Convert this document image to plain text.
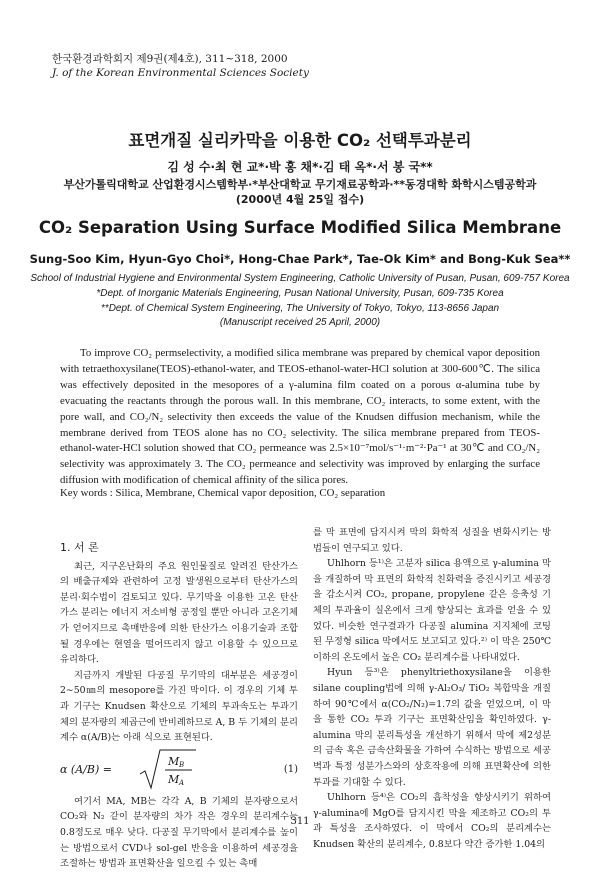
한국환경과학회지 제9권(제4호), 311∼318, 2000
J. of the Korean Environmental Sciences Society
표면개질 실리카막을 이용한 CO₂ 선택투과분리
김 성 수·최 현 교*·박 홍 채*·김 태 옥*·서 봉 국**
부산가톨릭대학교 산업환경시스템학부·*부산대학교 무기재료공학과·**동경대학 화학시스템공학과
(2000년 4월 25일 접수)
CO₂ Separation Using Surface Modified Silica Membrane
Sung-Soo Kim, Hyun-Gyo Choi*, Hong-Chae Park*, Tae-Ok Kim* and Bong-Kuk Sea**
School of Industrial Hygiene and Environmental System Engineering, Catholic University of Pusan, Pusan, 609-757 Korea
*Dept. of Inorganic Materials Engineering, Pusan National University, Pusan, 609-735 Korea
**Dept. of Chemical System Engineering, The University of Tokyo, Tokyo, 113-8656 Japan
(Manuscript received 25 April, 2000)

To improve CO₂ permselectivity, a modified silica membrane was prepared by chemical vapor deposition with tetraethoxysilane(TEOS)-ethanol-water, and TEOS-ethanol-water-HCl solution at 300-600℃. The silica was effectively deposited in the mesopores of a γ-alumina film coated on a porous α-alumina tube by evacuating the reactants through the porous wall. In this membrane, CO₂ interacts, to some extent, with the pore wall, and CO₂/N₂ selectivity then exceeds the value of the Knudsen diffusion mechanism, while the membrane derived from TEOS alone has no CO₂ selectivity. The silica membrane prepared from TEOS-ethanol-water-HCl solution showed that CO₂ permeance was 2.5×10⁻⁷mol/s⁻¹·m⁻²·Pa⁻¹ at 30℃ and CO₂/N₂ selectivity was approximately 3. The CO₂ permeance and selectivity was improved by enlarging the surface diffusion with modification of chemical affinity of the silica pores.

Key words : Silica, Membrane, Chemical vapor deposition, CO₂ separation

1. 서 론

최근, 지구온난화의 주요 원인물질로 알려진 탄산가스의 배출규제와 관련하여 고정 발생원으로부터 탄산가스의 분리·회수법이 검토되고 있다. 무기막을 이용한 고온 탄산가스 분리는 에너지 저소비형 공정일 뿐만 아니라 고온기체가 얻어지므로 촉매반응에 의한 탄산가스 이용기술과 조합될 경우에는 현열을 떨어뜨리지 않고 이용할 수 있으므로 유리하다.

지금까지 개발된 다공질 무기막의 대부분은 세공경이 2∼50㎚의 mesopore를 가진 막이다. 이 경우의 기체 투과 기구는 Knudsen 확산으로 기체의 투과속도는 투과기체의 분자량의 제곱근에 반비례하므로 A, B 두 기체의 분리계수 α(A/B)는 아래 식으로 표현된다.

α (A/B) =
M B
M A
(1)

여기서 MA, MB는 각각 A, B 기체의 분자량으로서 CO₂와 N₂ 같이 분자량의 차가 작은 경우의 분리계수는 0.8정도로 매우 낮다. 다공질 무기막에서 분리계수를 높이는 방법으로서 CVD나 sol-gel 반응을 이용하여 세공경을 조절하는 방법과 표면확산을 일으킬 수 있는 촉매

를 막 표면에 담지시켜 막의 화학적 성질을 변화시키는 방법들이 연구되고 있다.

Uhlhorn 등¹⁾은 고분자 silica 용액으로 γ-alumina 막을 개질하여 막 표면의 화학적 친화력을 증진시키고 세공경을 감소시켜 CO₂, propane, propylene 같은 응축성 기체의 투과율이 실온에서 크게 향상되는 효과를 얻을 수 있었다. 비슷한 연구결과가 다공질 alumina 지지체에 코팅된 무정형 silica 막에서도 보고되고 있다.²⁾ 이 막은 250℃이하의 온도에서 높은 CO₂ 분리계수를 나타내었다.

Hyun 등³⁾은 phenyltriethoxysilane을 이용한 silane coupling법에 의해 γ-Al₂O₃/ TiO₂ 복합막을 개질하여 90℃에서 α(CO₂/N₂)=1.7의 값을 얻었으며, 이 막을 통한 CO₂ 투과 기구는 표면확산임을 확인하였다. γ-alumina 막의 분리특성을 개선하기 위해서 막에 제2성분의 금속 혹은 금속산화물을 가하여 수식하는 방법으로 세공벽과 특정 성분가스와의 상호작용에 의해 표면확산에 의한 투과를 기대할 수 있다.

Uhlhorn 등⁴⁾은 CO₂의 흡착성을 향상시키기 위하여 γ-alumina에 MgO를 담지시킨 막을 제조하고 CO₂의 투과 특성을 조사하였다. 이 막에서 CO₂의 분리계수는 Knudsen 확산의 분리계수, 0.8보다 약간 증가한 1.04의

311
